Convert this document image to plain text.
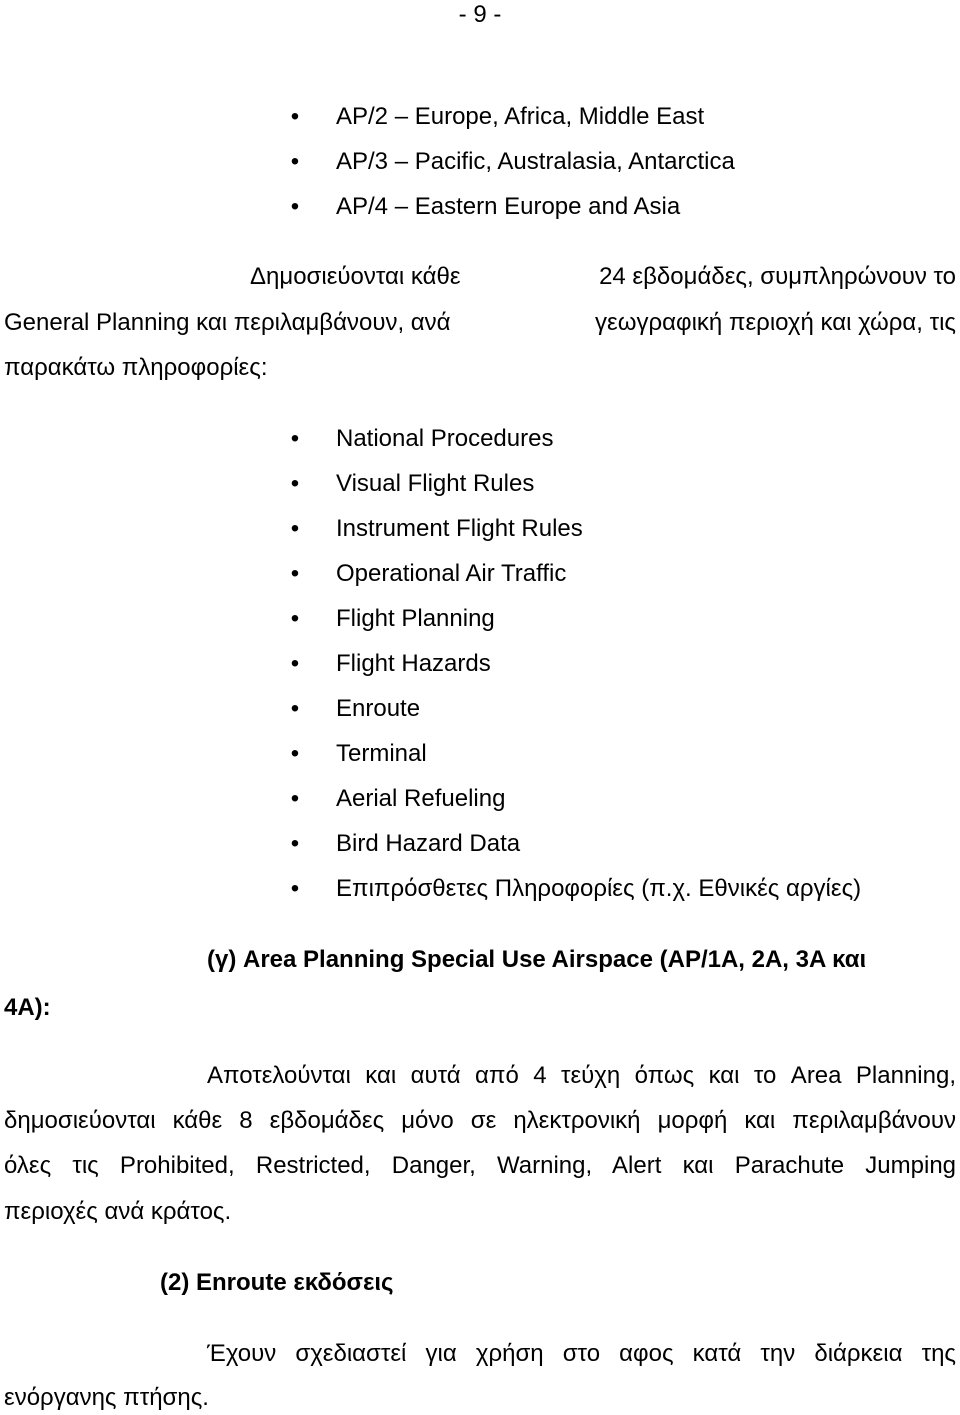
- 9 -
• AP/2 – Europe, Africa, Middle East
• AP/3 – Pacific, Australasia, Antarctica
• AP/4 – Eastern Europe and Asia
Δημοσιεύονται κάθε	24 εβδομάδες, συμπληρώνουν το
General Planning και περιλαμβάνουν, ανά	γεωγραφική περιοχή και χώρα, τις
παρακάτω πληροφορίες:
• National Procedures
• Visual Flight Rules
• Instrument Flight Rules
• Operational Air Traffic
• Flight Planning
• Flight Hazards
• Enroute
• Terminal
• Aerial Refueling
• Bird Hazard Data
• Επιπρόσθετες Πληροφορίες (π.χ. Εθνικές αργίες)
(γ) Area Planning Special Use Airspace (AP/1A, 2A, 3A και
4A):
Αποτελούνται και αυτά από 4 τεύχη όπως και το Area Planning,
δημοσιεύονται κάθε 8 εβδομάδες μόνο σε ηλεκτρονική μορφή και περιλαμβάνουν
όλες τις Prohibited, Restricted, Danger, Warning, Alert και Parachute Jumping
περιοχές ανά κράτος.
(2) Enroute εκδόσεις
Έχουν σχεδιαστεί για χρήση στο αφος κατά την διάρκεια της
ενόργανης πτήσης.
